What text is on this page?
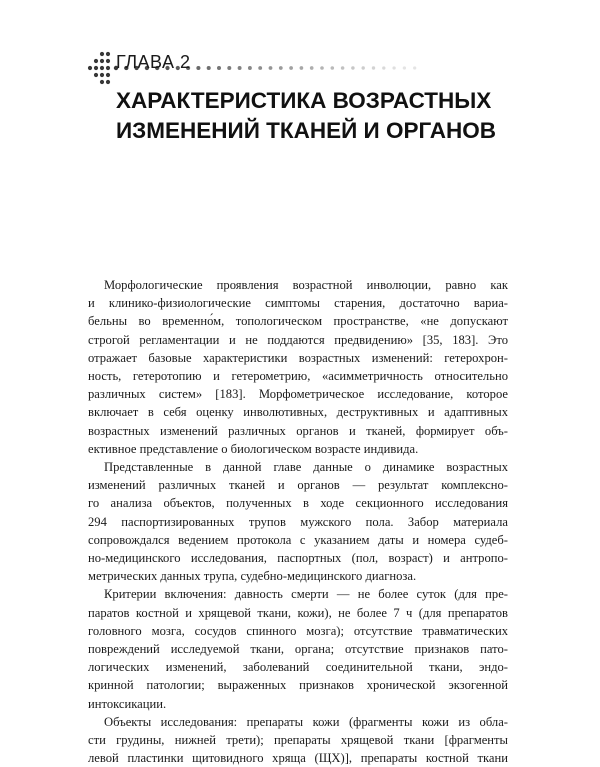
ГЛАВА 2
ХАРАКТЕРИСТИКА ВОЗРАСТНЫХ
ИЗМЕНЕНИЙ ТКАНЕЙ И ОРГАНОВ

Морфологические проявления возрастной инволюции, равно как
и клинико-физиологические симптомы старения, достаточно вариа-
бельны во временно́м, топологическом пространстве, «не допускают
строгой регламентации и не поддаются предвидению» [35, 183]. Это
отражает базовые характеристики возрастных изменений: гетерохрон-
ность, гетеротопию и гетерометрию, «асимметричность относительно
различных систем» [183]. Морфометрическое исследование, которое
включает в себя оценку инволютивных, деструктивных и адаптивных
возрастных изменений различных органов и тканей, формирует объ-
ективное представление о биологическом возрасте индивида.

Представленные в данной главе данные о динамике возрастных
изменений различных тканей и органов — результат комплексно-
го анализа объектов, полученных в ходе секционного исследования
294 паспортизированных трупов мужского пола. Забор материала
сопровождался ведением протокола с указанием даты и номера судеб-
но-медицинского исследования, паспортных (пол, возраст) и антропо-
метрических данных трупа, судебно-медицинского диагноза.

Критерии включения: давность смерти — не более суток (для пре-
паратов костной и хрящевой ткани, кожи), не более 7 ч (для препаратов
головного мозга, сосудов спинного мозга); отсутствие травматических
повреждений исследуемой ткани, органа; отсутствие признаков пато-
логических изменений, заболеваний соединительной ткани, эндо-
кринной патологии; выраженных признаков хронической экзогенной
интоксикации.

Объекты исследования: препараты кожи (фрагменты кожи из обла-
сти грудины, нижней трети); препараты хрящевой ткани [фрагменты
левой пластинки щитовидного хряща (ЩХ)], препараты костной ткани
